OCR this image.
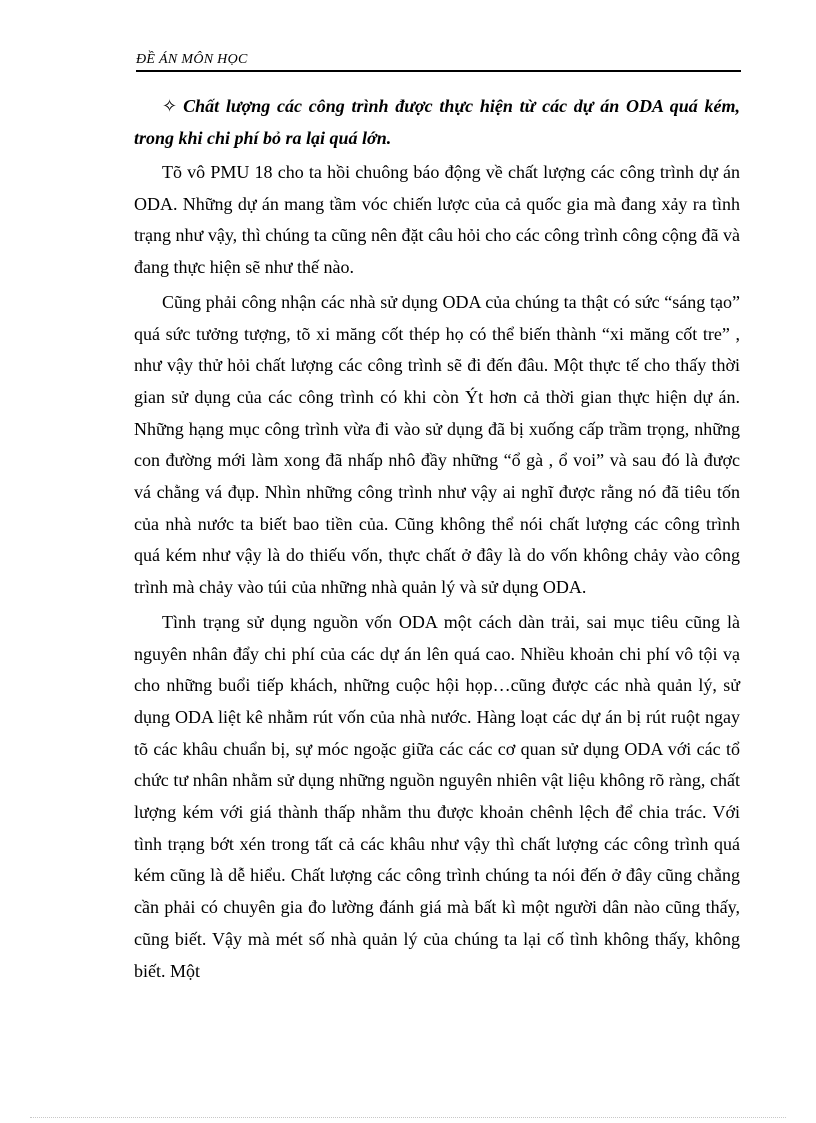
ĐỀ ÁN MÔN HỌC

✧ Chất lượng các công trình được thực hiện từ các dự án ODA quá kém, trong khi chi phí bỏ ra lại quá lớn.

Tõ vô PMU 18 cho ta hồi chuông báo động về chất lượng các công trình dự án ODA. Những dự án mang tầm vóc chiến lược của cả quốc gia mà đang xảy ra tình trạng như vậy, thì chúng ta cũng nên đặt câu hỏi cho các công trình công cộng đã và đang thực hiện sẽ như thế nào.

Cũng phải công nhận các nhà sử dụng ODA của chúng ta thật có sức “sáng tạo” quá sức tưởng tượng, tõ xi măng cốt thép họ có thể biến thành “xi măng cốt tre” , như vậy thử hỏi chất lượng các công trình sẽ đi đến đâu. Một thực tế cho thấy thời gian sử dụng của các công trình có khi còn Ýt hơn cả thời gian thực hiện dự án. Những hạng mục công trình vừa đi vào sử dụng đã bị xuống cấp trầm trọng, những con đường mới làm xong đã nhấp nhô đầy những “ổ gà , ổ voi” và sau đó là được vá chằng vá đụp. Nhìn những công trình như vậy ai nghĩ được rằng nó đã tiêu tốn của nhà nước ta biết bao tiền của. Cũng không thể nói chất lượng các công trình quá kém như vậy là do thiếu vốn, thực chất ở đây là do vốn không chảy vào công trình mà chảy vào túi của những nhà quản lý và sử dụng ODA.

Tình trạng sử dụng nguồn vốn ODA một cách dàn trải, sai mục tiêu cũng là nguyên nhân đẩy chi phí của các dự án lên quá cao. Nhiều khoản chi phí vô tội vạ cho những buổi tiếp khách, những cuộc hội họp…cũng được các nhà quản lý, sử dụng ODA liệt kê nhằm rút vốn của nhà nước. Hàng loạt các dự án bị rút ruột ngay tõ các khâu chuẩn bị, sự móc ngoặc giữa các các cơ quan sử dụng ODA với các tổ chức tư nhân nhằm sử dụng những nguồn nguyên nhiên vật liệu không rõ ràng, chất lượng kém với giá thành thấp nhằm thu được khoản chênh lệch để chia trác. Với tình trạng bớt xén trong tất cả các khâu như vậy thì chất lượng các công trình quá kém cũng là dễ hiểu. Chất lượng các công trình chúng ta nói đến ở đây cũng chẳng cần phải có chuyên gia đo lường đánh giá mà bất kì một người dân nào cũng thấy, cũng biết. Vậy mà mét số nhà quản lý của chúng ta lại cố tình không thấy, không biết. Một
